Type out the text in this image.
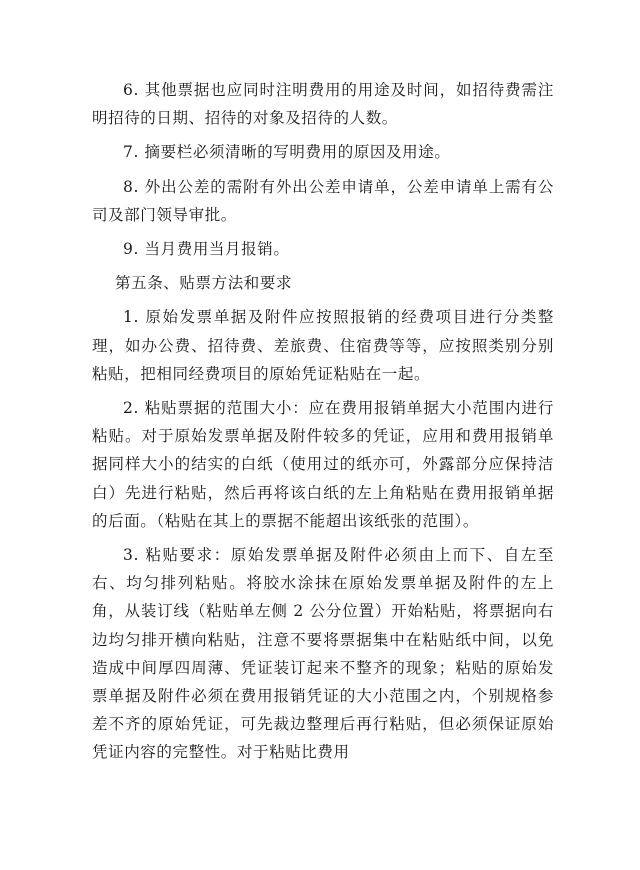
6. 其他票据也应同时注明费用的用途及时间，如招待费需注明招待的日期、招待的对象及招待的人数。

7. 摘要栏必须清晰的写明费用的原因及用途。

8. 外出公差的需附有外出公差申请单，公差申请单上需有公司及部门领导审批。

9. 当月费用当月报销。

第五条、贴票方法和要求

1. 原始发票单据及附件应按照报销的经费项目进行分类整理，如办公费、招待费、差旅费、住宿费等等，应按照类别分别粘贴，把相同经费项目的原始凭证粘贴在一起。

2. 粘贴票据的范围大小：应在费用报销单据大小范围内进行粘贴。对于原始发票单据及附件较多的凭证，应用和费用报销单据同样大小的结实的白纸（使用过的纸亦可，外露部分应保持洁白）先进行粘贴，然后再将该白纸的左上角粘贴在费用报销单据的后面。（粘贴在其上的票据不能超出该纸张的范围）。

3. 粘贴要求：原始发票单据及附件必须由上而下、自左至右、均匀排列粘贴。将胶水涂抹在原始发票单据及附件的左上角，从装订线（粘贴单左侧 2 公分位置）开始粘贴，将票据向右边均匀排开横向粘贴，注意不要将票据集中在粘贴纸中间，以免造成中间厚四周薄、凭证装订起来不整齐的现象；粘贴的原始发票单据及附件必须在费用报销凭证的大小范围之内，个别规格参差不齐的原始凭证，可先裁边整理后再行粘贴，但必须保证原始凭证内容的完整性。对于粘贴比费用
